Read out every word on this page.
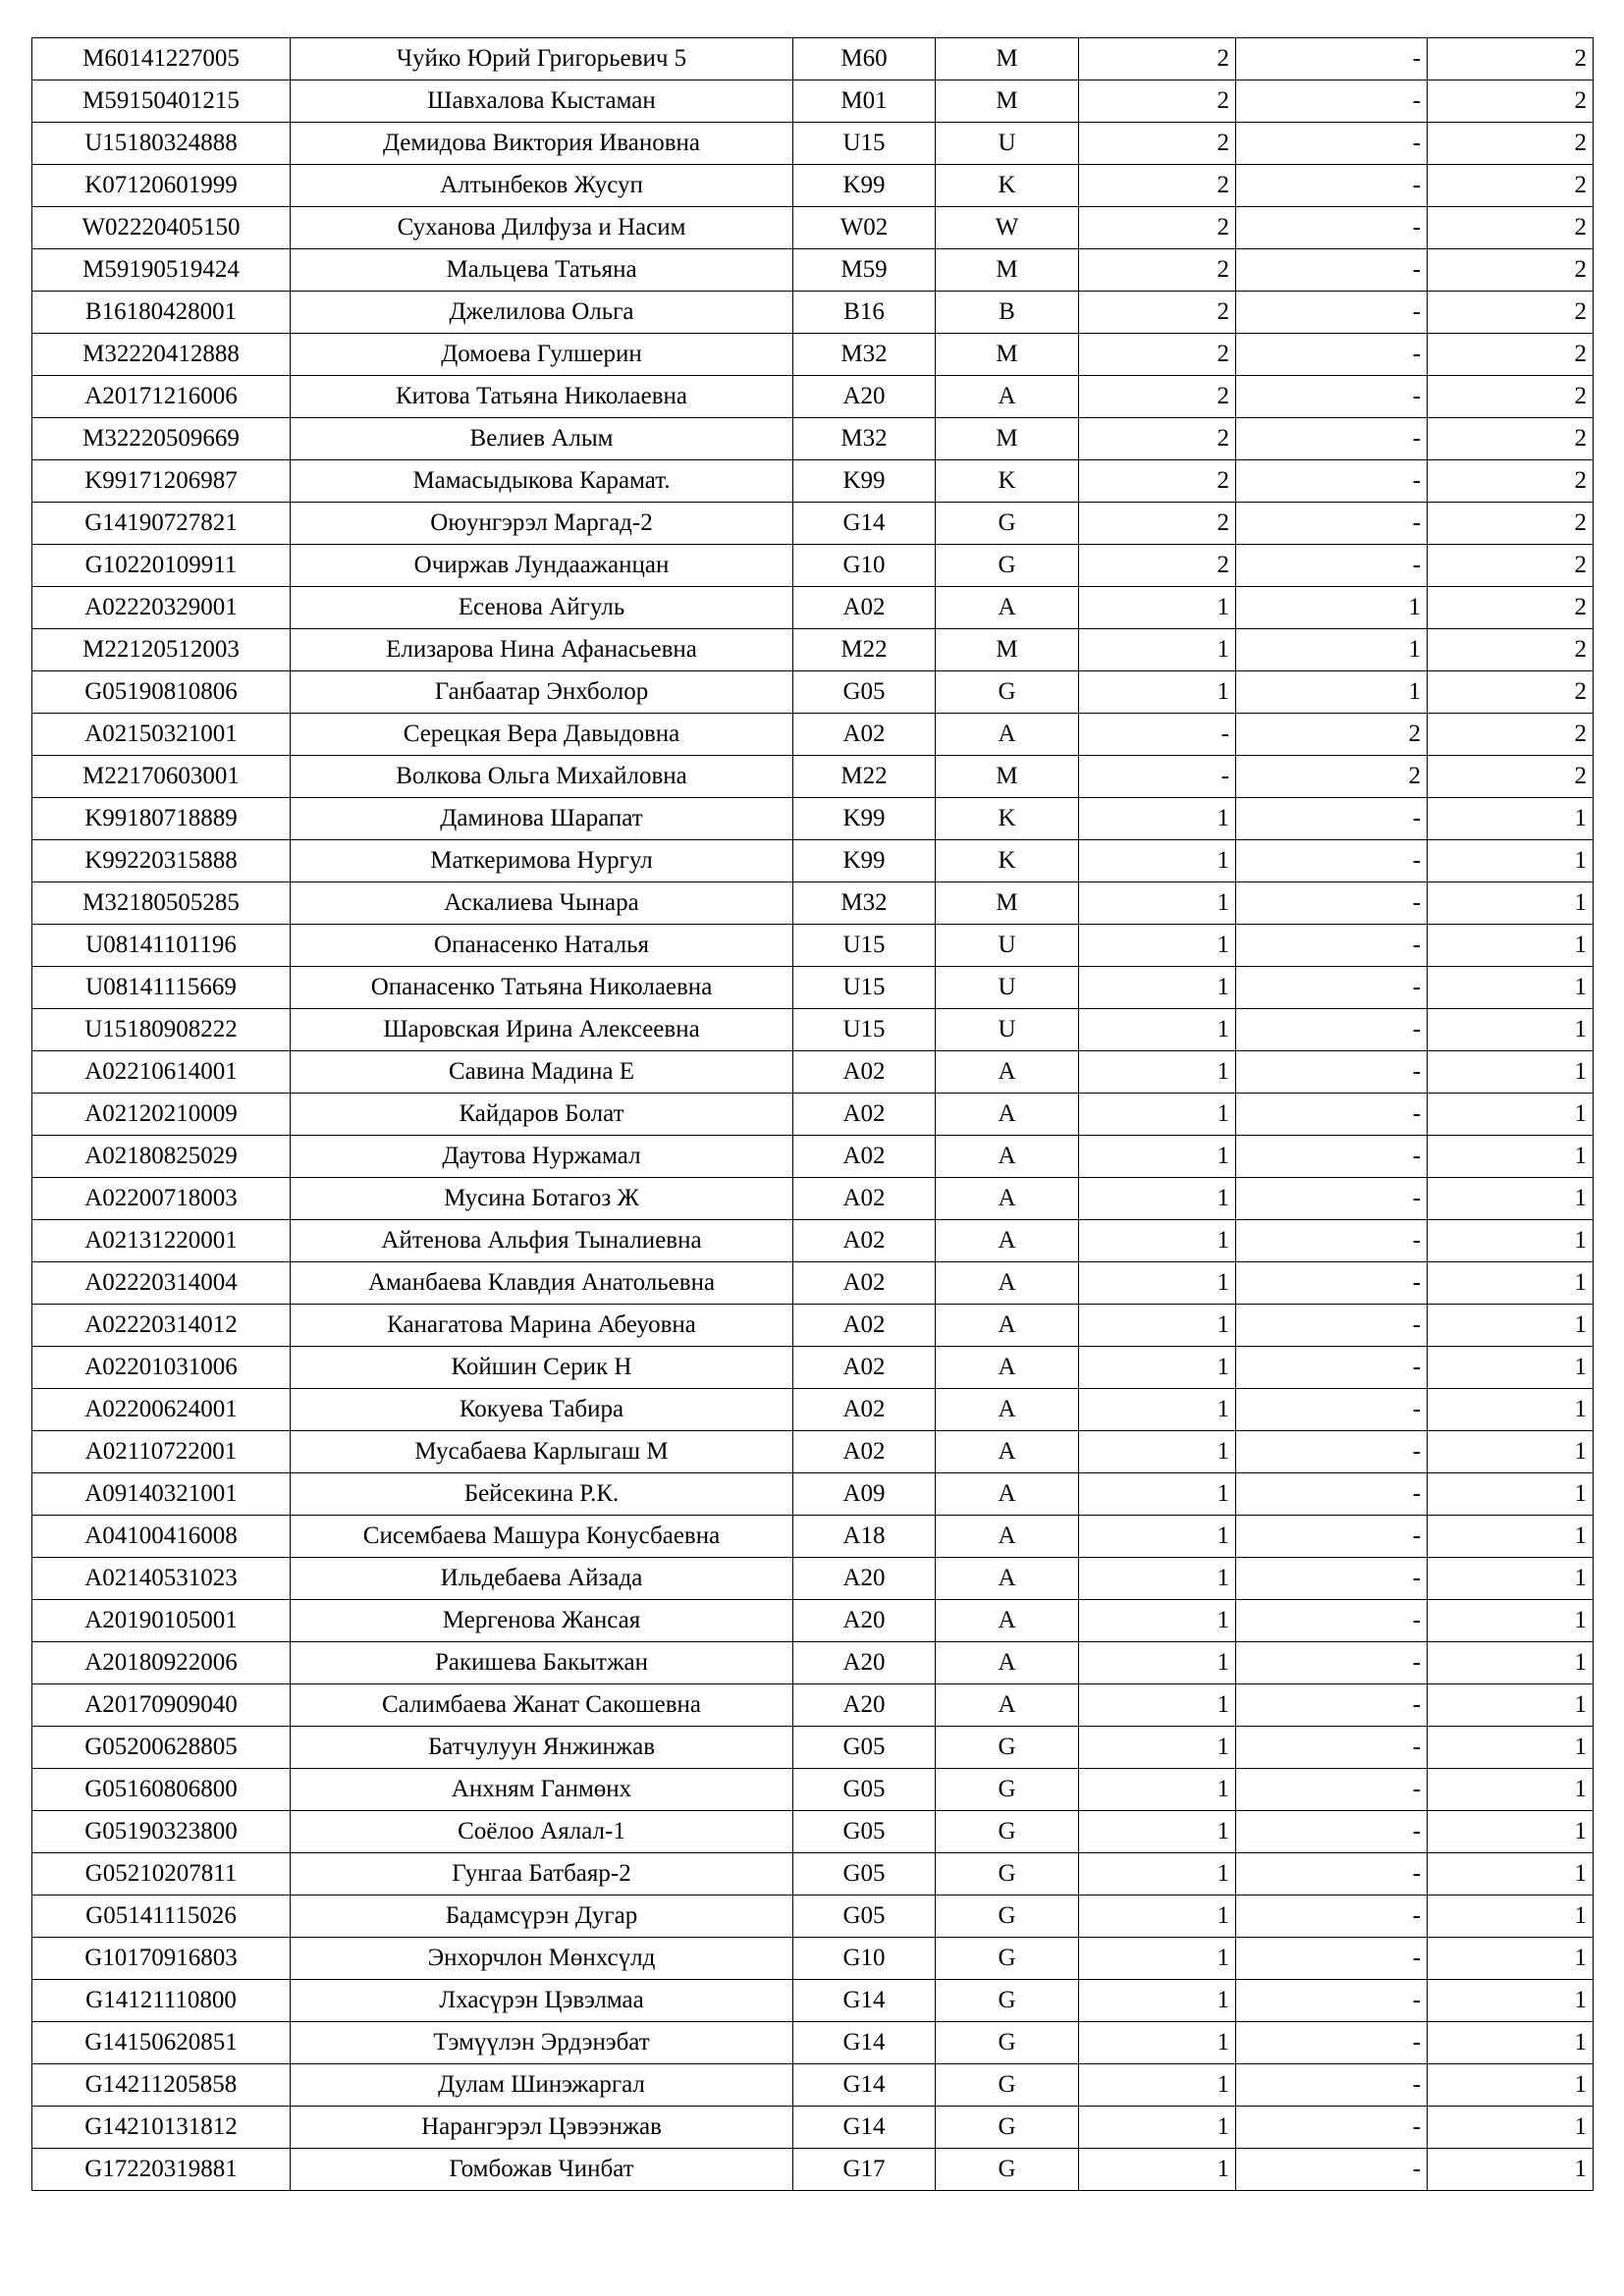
M60141227005	Чуйко Юрий Григорьевич 5	M60	M	2	-	2
M59150401215	Шавхалова Кыстаман	M01	M	2	-	2
U15180324888	Демидова Виктория Ивановна	U15	U	2	-	2
K07120601999	Алтынбеков Жусуп	K99	K	2	-	2
W02220405150	Суханова Дилфуза и Насим	W02	W	2	-	2
M59190519424	Мальцева Татьяна	M59	M	2	-	2
B16180428001	Джелилова Ольга	B16	B	2	-	2
M32220412888	Домоева Гулшерин	M32	M	2	-	2
A20171216006	Китова Татьяна Николаевна	A20	A	2	-	2
M32220509669	Велиев Алым	M32	M	2	-	2
K99171206987	Мамасыдыкова Карамат.	K99	K	2	-	2
G14190727821	Оюунгэрэл Маргад-2	G14	G	2	-	2
G10220109911	Очиржав Лундаажанцан	G10	G	2	-	2
A02220329001	Есенова Айгуль	A02	A	1	1	2
M22120512003	Елизарова Нина Афанасьевна	M22	M	1	1	2
G05190810806	Ганбаатар Энхболор	G05	G	1	1	2
A02150321001	Серецкая Вера Давыдовна	A02	A	-	2	2
M22170603001	Волкова Ольга Михайловна	M22	M	-	2	2
K99180718889	Даминова Шарапат	K99	K	1	-	1
K99220315888	Маткеримова Нургул	K99	K	1	-	1
M32180505285	Аскалиева Чынара	M32	M	1	-	1
U08141101196	Опанасенко Наталья	U15	U	1	-	1
U08141115669	Опанасенко Татьяна Николаевна	U15	U	1	-	1
U15180908222	Шаровская Ирина Алексеевна	U15	U	1	-	1
A02210614001	Савина Мадина Е	A02	A	1	-	1
A02120210009	Кайдаров Болат	A02	A	1	-	1
A02180825029	Даутова Нуржамал	A02	A	1	-	1
A02200718003	Мусина Ботагоз Ж	A02	A	1	-	1
A02131220001	Айтенова Альфия Тыналиевна	A02	A	1	-	1
A02220314004	Аманбаева Клавдия Анатольевна	A02	A	1	-	1
A02220314012	Канагатова Марина Абеуовна	A02	A	1	-	1
A02201031006	Койшин Серик Н	A02	A	1	-	1
A02200624001	Кокуева Табира	A02	A	1	-	1
A02110722001	Мусабаева Карлыгаш М	A02	A	1	-	1
A09140321001	Бейсекина Р.К.	A09	A	1	-	1
A04100416008	Сисембаева Машура Конусбаевна	A18	A	1	-	1
A02140531023	Ильдебаева Айзада	A20	A	1	-	1
A20190105001	Мергенова Жансая	A20	A	1	-	1
A20180922006	Ракишева Бакытжан	A20	A	1	-	1
A20170909040	Салимбаева Жанат Сакошевна	A20	A	1	-	1
G05200628805	Батчулуун Янжинжав	G05	G	1	-	1
G05160806800	Анхням Ганмөнх	G05	G	1	-	1
G05190323800	Соёлоо Аялал-1	G05	G	1	-	1
G05210207811	Гунгаа Батбаяр-2	G05	G	1	-	1
G05141115026	Бадамсүрэн Дугар	G05	G	1	-	1
G10170916803	Энхорчлон Мөнхсүлд	G10	G	1	-	1
G14121110800	Лхасүрэн Цэвэлмаа	G14	G	1	-	1
G14150620851	Тэмүүлэн Эрдэнэбат	G14	G	1	-	1
G14211205858	Дулам Шинэжаргал	G14	G	1	-	1
G14210131812	Нарангэрэл Цэвээнжав	G14	G	1	-	1
G17220319881	Гомбожав Чинбат	G17	G	1	-	1
